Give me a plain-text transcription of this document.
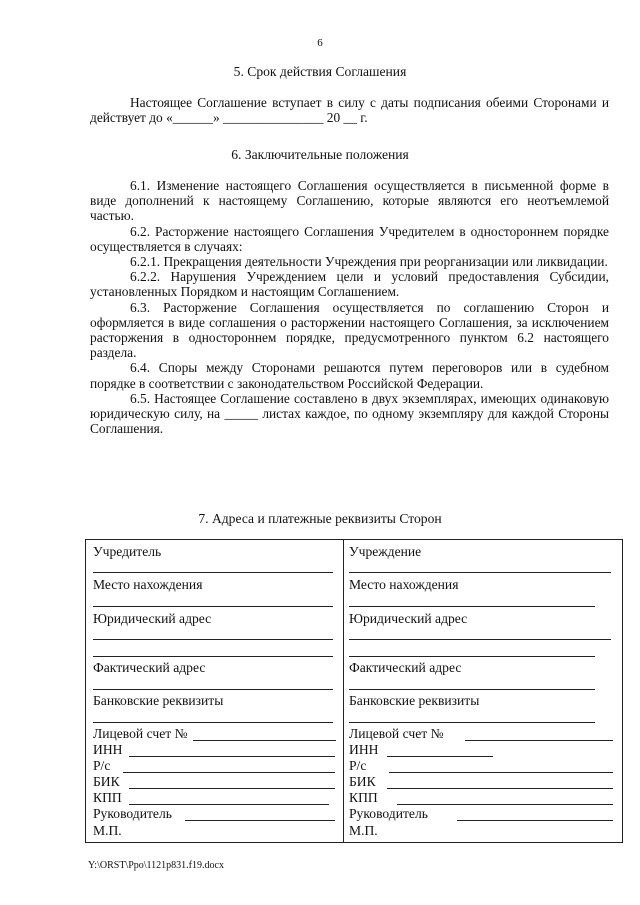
6
5. Срок действия Соглашения

Настоящее Соглашение вступает в силу с даты подписания обеими Сторонами и действует до «______» _______________ 20 __ г.

6. Заключительные положения

6.1. Изменение настоящего Соглашения осуществляется в письменной форме в виде дополнений к настоящему Соглашению, которые являются его неотъемлемой частью.

6.2. Расторжение настоящего Соглашения Учредителем в одностороннем порядке осуществляется в случаях:

6.2.1. Прекращения деятельности Учреждения при реорганизации или ликвидации.

6.2.2. Нарушения Учреждением цели и условий предоставления Субсидии, установленных Порядком и настоящим Соглашением.

6.3. Расторжение Соглашения осуществляется по соглашению Сторон и оформляется в виде соглашения о расторжении настоящего Соглашения, за исключением расторжения в одностороннем порядке, предусмотренного пунктом 6.2 настоящего раздела.

6.4. Споры между Сторонами решаются путем переговоров или в судебном порядке в соответствии с законодательством Российской Федерации.

6.5. Настоящее Соглашение составлено в двух экземплярах, имеющих одинаковую юридическую силу, на _____ листах каждое, по одному экземпляру для каждой Стороны Соглашения.

7. Адреса и платежные реквизиты Сторон
Учредитель
Место нахождения
Юридический адрес
Фактический адрес
Банковские реквизиты
Лицевой счет №
ИНН
Р/с
БИК
КПП
Руководитель
М.П.
Учреждение
Место нахождения
Юридический адрес
Фактический адрес
Банковские реквизиты
Лицевой счет №
ИНН
Р/с
БИК
КПП
Руководитель
М.П.
Y:\ORST\Ppo\1121p831.f19.docx
